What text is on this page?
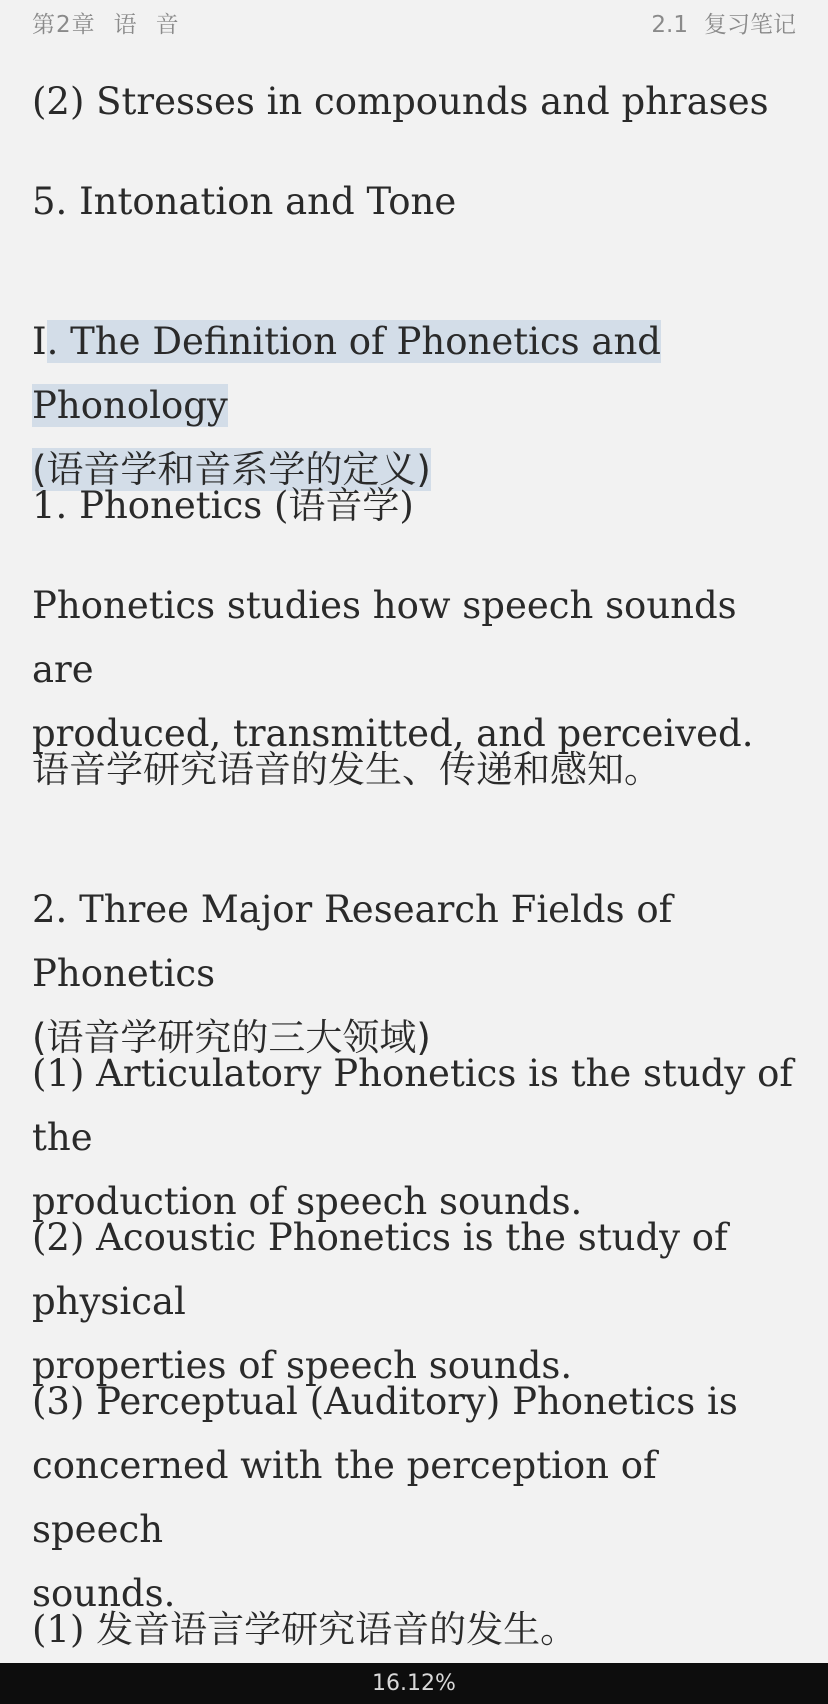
第2章 语 音	2.1 复习笔记

(2) Stresses in compounds and phrases

5. Intonation and Tone

I. The Definition of Phonetics and Phonology
(语音学和音系学的定义)

1. Phonetics (语音学)

Phonetics studies how speech sounds are
produced, transmitted, and perceived.

语音学研究语音的发生、传递和感知。

2. Three Major Research Fields of Phonetics
(语音学研究的三大领域)
(1) Articulatory Phonetics is the study of the
production of speech sounds.
(2) Acoustic Phonetics is the study of physical
properties of speech sounds.
(3) Perceptual (Auditory) Phonetics is
concerned with the perception of speech
sounds.

(1) 发音语言学研究语音的发生。

16.12%
